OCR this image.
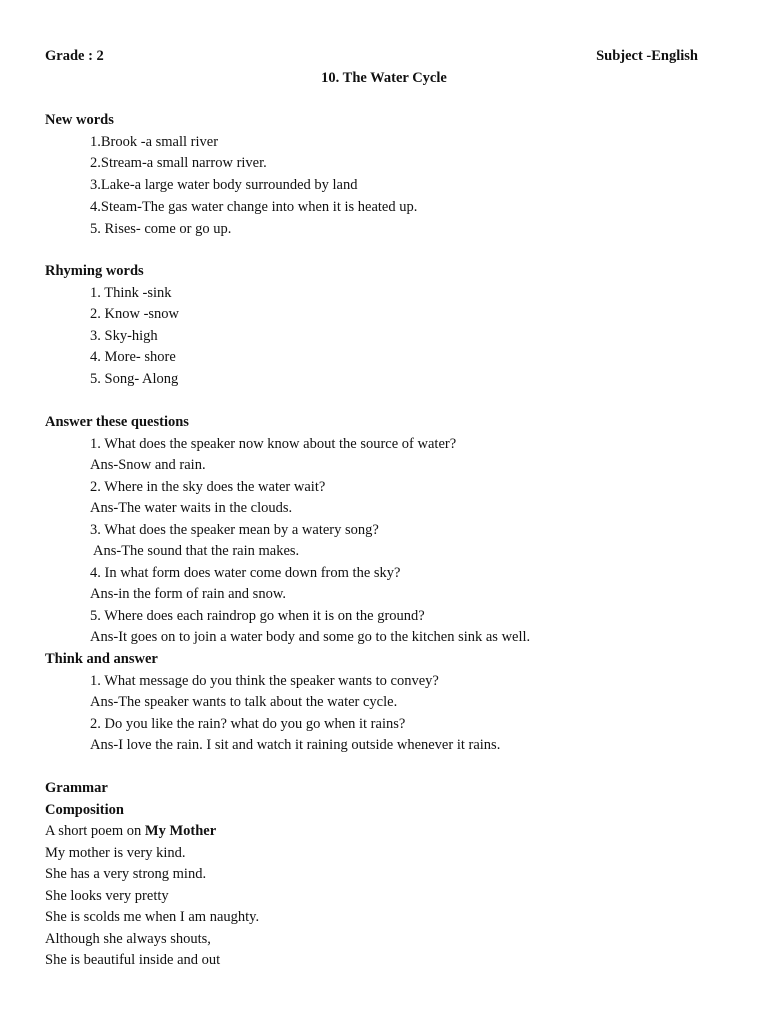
Grade : 2	Subject -English
10. The Water Cycle
New words
1.Brook -a small river
2.Stream-a small narrow river.
3.Lake-a large water body surrounded by land
4.Steam-The gas water change into when it is heated up.
5. Rises- come or go up.
Rhyming words
1. Think -sink
2. Know -snow
3. Sky-high
4. More- shore
5. Song- Along
Answer these questions
1. What does the speaker now know about the source of water?
Ans-Snow and rain.
2. Where in the sky does the water wait?
Ans-The water waits in the clouds.
3. What does the speaker mean by a watery song?
Ans-The sound that the rain makes.
4. In what form does water come down from the sky?
Ans-in the form of rain and snow.
5. Where does each raindrop go when it is on the ground?
Ans-It goes on to join a water body and some go to the kitchen sink as well.
Think and answer
1. What message do you think the speaker wants to convey?
Ans-The speaker wants to talk about the water cycle.
2. Do you like the rain? what do you go when it rains?
Ans-I love the rain. I sit and watch it raining outside whenever it rains.
Grammar
Composition
A short poem on My Mother
My mother is very kind.
She has a very strong mind.
She looks very pretty
She is scolds me when I am naughty.
Although she always shouts,
She is beautiful inside and out
